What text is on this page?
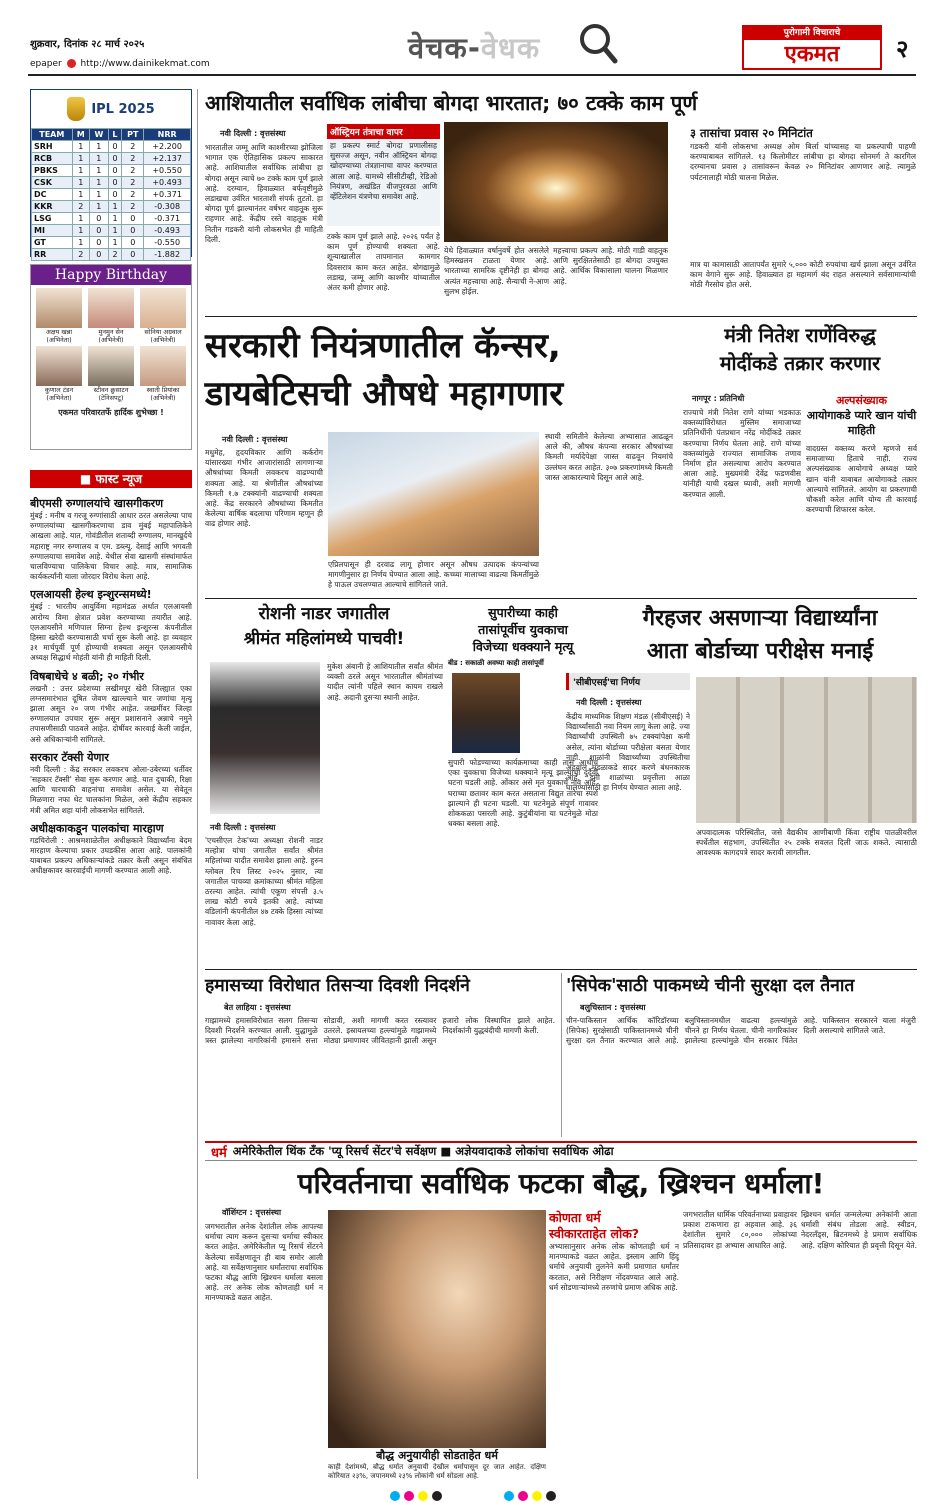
शुक्रवार, दिनांक २८ मार्च २०२५
epaper http://www.dainikekmat.com	वेचक-वेधक	पुरोगामी विचाराचे
एकमत	२
IPL 2025
TEAM	M	W	L	PT	NRR
SRH	1	1	0	2	+2.200
RCB	1	1	0	2	+2.137
PBKS	1	1	0	2	+0.550
CSK	1	1	0	2	+0.493
DC	1	1	0	2	+0.371
KKR	2	1	1	2	-0.308
LSG	1	0	1	0	-0.371
MI	1	0	1	0	-0.493
GT	1	0	1	0	-0.550
RR	2	0	2	0	-1.882
Happy Birthday
अक्षय खन्ना
(अभिनेता)
मुनमुन सेन
(अभिनेत्री)
सोनिया अग्रवाल
(अभिनेत्री)
कुणाल टंडन
(अभिनेता)
स्टीवन क्रुसाटन
(टेनिसपटू)
स्वाती प्रियांका
(अभिनेत्री)
एकमत परिवारतर्फे हार्दिक शुभेच्छा !
■ फास्ट न्यूज
बीएमसी रुग्णालयांचे खासगीकरण
मुंबई : मनीष व गरजू रुग्णांसाठी आधार ठरत असलेल्या पाच रुग्णालयांच्या खासगीकरणाचा डाव मुंबई महापालिकेने आखला आहे. यात, गोवंडीतील शताब्दी रुग्णालय, मानखुर्दचे महाराष्ट्र नगर रुग्णालय व एम. डब्ल्यू. देसाई आणि भगवती रुग्णालयाचा समावेश आहे. येथील सेवा खासगी संस्थांमार्फत चालविण्याचा पालिकेचा विचार आहे. मात्र, सामाजिक कार्यकर्त्यांनी याला जोरदार विरोध केला आहे.
एलआयसी हेल्थ इन्शुरन्समध्ये!
मुंबई : भारतीय आयुर्विमा महामंडळ अर्थात एलआयसी आरोग्य विमा क्षेत्रात प्रवेश करण्याच्या तयारीत आहे. एलआयसीने मणिपाल सिग्ना हेल्थ इन्शुरन्स कंपनीतील हिस्सा खरेदी करण्यासाठी चर्चा सुरू केली आहे. हा व्यवहार ३१ मार्चपूर्वी पूर्ण होण्याची शक्यता असून एलआयसीचे अध्यक्ष सिद्धार्थ मोहंती यांनी ही माहिती दिली.
विषबाधेचे ४ बळी; २० गंभीर
लखनौ : उत्तर प्रदेशच्या लखीमपूर खेरी जिल्ह्यात एका लग्नसमारंभात दूषित जेवण खाल्ल्याने चार जणांचा मृत्यू झाला असून २० जण गंभीर आहेत. जखमींवर जिल्हा रुग्णालयात उपचार सुरू असून प्रशासनाने अन्नाचे नमुने तपासणीसाठी पाठवले आहेत. दोषींवर कारवाई केली जाईल, असे अधिकाऱ्यांनी सांगितले.
सरकार टॅक्सी येणार
नवी दिल्ली : केंद्र सरकार लवकरच ओला-उबेरच्या धर्तीवर 'सहकार टॅक्सी' सेवा सुरू करणार आहे. यात दुचाकी, रिक्षा आणि चारचाकी वाहनांचा समावेश असेल. या सेवेतून मिळणारा नफा थेट चालकांना मिळेल, असे केंद्रीय सहकार मंत्री अमित शहा यांनी लोकसभेत सांगितले.
अधीक्षकाकडून पालकांचा मारहाण
गडचिरोली : आश्रमशाळेतील अधीक्षकाने विद्यार्थ्यांना बेदम मारहाण केल्याचा प्रकार उघडकीस आला आहे. पालकांनी याबाबत प्रकल्प अधिकाऱ्यांकडे तक्रार केली असून संबंधित अधीक्षकावर कारवाईची मागणी करण्यात आली आहे.
आशियातील सर्वाधिक लांबीचा बोगदा भारतात; ७० टक्के काम पूर्ण
नवी दिल्ली : वृत्तसंस्था
भारतातील जम्मू आणि काश्मीरच्या झोजिला भागात एक ऐतिहासिक प्रकल्प साकारत आहे. आशियातील सर्वाधिक लांबीचा हा बोगदा असून त्याचे ७० टक्के काम पूर्ण झाले आहे. दरम्यान, हिवाळ्यात बर्फवृष्टीमुळे लडाखचा उर्वरित भारताशी संपर्क तुटतो. हा बोगदा पूर्ण झाल्यानंतर वर्षभर वाहतूक सुरू राहणार आहे. केंद्रीय रस्ते वाहतूक मंत्री नितीन गडकरी यांनी लोकसभेत ही माहिती दिली.
ऑस्ट्रियन तंत्राचा वापर
हा प्रकल्प स्मार्ट बोगदा प्रणालीसह सुसज्ज असून, नवीन ऑस्ट्रियन बोगदा खोदण्याच्या तंत्रज्ञानाचा वापर करण्यात आला आहे. यामध्ये सीसीटीव्ही, रेडिओ नियंत्रण, अखंडित वीजपुरवठा आणि व्हेंटिलेशन यंत्रणेचा समावेश आहे.
टक्के काम पूर्ण झाले आहे. २०२६ पर्यंत हे काम पूर्ण होण्याची शक्यता आहे. शून्याखालील तापमानात कामगार दिवसरात्र काम करत आहेत. बोगद्यामुळे लडाख, जम्मू आणि काश्मीर यांच्यातील अंतर कमी होणार आहे.
येथे हिवाळ्यात वर्षानुवर्षे होत असलेले हिमस्खलन टाळता येणार आहे. भारताच्या सामरिक दृष्टीनेही हा बोगदा अत्यंत महत्त्वाचा आहे. सैन्याची ने-आण सुलभ होईल.
महत्त्वाचा प्रकल्प आहे. मोठी गाडी वाहतूक आणि सुरक्षिततेसाठी हा बोगदा उपयुक्त आहे. आर्थिक विकासाला चालना मिळणार आहे.
३ तासांचा प्रवास २० मिनिटांत
गडकरी यांनी लोकसभा अध्यक्ष ओम बिर्ला यांच्यासह या प्रकल्पाची पाहणी करण्याबाबत सांगितले. १३ किलोमीटर लांबीचा हा बोगदा सोनमर्ग ते कारगिल दरम्यानचा प्रवास ३ तासांवरून केवळ २० मिनिटांवर आणणार आहे. त्यामुळे पर्यटनालाही मोठी चालना मिळेल.
मात्र या कामासाठी आतापर्यंत सुमारे ५,००० कोटी रुपयांचा खर्च झाला असून उर्वरित काम वेगाने सुरू आहे. हिवाळ्यात हा महामार्ग बंद राहत असल्याने सर्वसामान्यांची मोठी गैरसोय होत असे.
सरकारी नियंत्रणातील कॅन्सर,
डायबेटिसची औषधे महागणार
नवी दिल्ली : वृत्तसंस्था
मधुमेह, हृदयविकार आणि कर्करोग यांसारख्या गंभीर आजारांसाठी लागणाऱ्या औषधांच्या किमती लवकरच वाढण्याची शक्यता आहे. या श्रेणीतील औषधांच्या किमती १.७ टक्क्यांनी वाढण्याची शक्यता आहे. केंद्र सरकारने औषधांच्या किमतीत केलेल्या वार्षिक बदलाचा परिणाम म्हणून ही वाढ होणार आहे.
एप्रिलपासून ही दरवाढ लागू होणार असून औषध उत्पादक कंपन्यांच्या मागणीनुसार हा निर्णय घेण्यात आला आहे. कच्च्या मालाच्या वाढत्या किमतींमुळे हे पाऊल उचलण्यात आल्याचे सांगितले जाते.
स्थायी समितीने केलेल्या अभ्यासात आढळून आले की, औषध कंपन्या सरकार औषधांच्या किमती मर्यादेपेक्षा जास्त वाढवून नियमांचे उल्लंघन करत आहेत. ३०७ प्रकरणांमध्ये किमती जास्त आकारल्याचे दिसून आले आहे.
मंत्री नितेश राणेंविरुद्ध
मोदींकडे तक्रार करणार
नागपूर : प्रतिनिधी
राज्याचे मंत्री नितेश राणे यांच्या भडकाऊ वक्तव्यांविरोधात मुस्लिम समाजाच्या प्रतिनिधींनी पंतप्रधान नरेंद्र मोदींकडे तक्रार करण्याचा निर्णय घेतला आहे. राणे यांच्या वक्तव्यांमुळे राज्यात सामाजिक तणाव निर्माण होत असल्याचा आरोप करण्यात आला आहे. मुख्यमंत्री देवेंद्र फडणवीस यांनीही याची दखल घ्यावी, अशी मागणी करण्यात आली.
अल्पसंख्याक
आयोगाकडे प्यारे खान यांची माहिती
वादग्रस्त वक्तव्य करणे म्हणजे सर्व समाजाच्या हिताचे नाही. राज्य अल्पसंख्याक आयोगाचे अध्यक्ष प्यारे खान यांनी याबाबत आयोगाकडे तक्रार आल्याचे सांगितले. आयोग या प्रकरणाची चौकशी करेल आणि योग्य ती कारवाई करण्याची शिफारस करेल.
रोशनी नाडर जगातील
श्रीमंत महिलांमध्ये पाचवी!
नवी दिल्ली : वृत्तसंस्था
'एचसीएल टेक'च्या अध्यक्षा रोशनी नाडर मल्होत्रा यांचा जगातील सर्वांत श्रीमंत महिलांच्या यादीत समावेश झाला आहे. हुरुन ग्लोबल रिच लिस्ट २०२५ नुसार, त्या जगातील पाचव्या क्रमांकाच्या श्रीमंत महिला ठरल्या आहेत. त्यांची एकूण संपत्ती ३.५ लाख कोटी रुपये इतकी आहे. त्यांच्या वडिलांनी कंपनीतील ४७ टक्के हिस्सा त्यांच्या नावावर केला आहे.
मुकेश अंबानी हे आशियातील सर्वांत श्रीमंत व्यक्ती ठरले असून भारतातील श्रीमंतांच्या यादीत त्यांनी पहिले स्थान कायम राखले आहे. अदानी दुसऱ्या स्थानी आहेत.
सुपारीच्या काही
तासांपूर्वीच युवकाचा
विजेच्या धक्क्याने मृत्यू
बीड : सकाळी अवघ्या काही तासांपूर्वी
सुपारी फोडण्याच्या कार्यक्रमाच्या काही तास आधीच एका युवकाचा विजेच्या धक्क्याने मृत्यू झाल्याची दुर्दैवी घटना घडली आहे. ओंकार असे मृत युवकाचे नाव आहे. घराच्या छतावर काम करत असताना विद्युत तारेचा स्पर्श झाल्याने ही घटना घडली. या घटनेमुळे संपूर्ण गावावर शोककळा पसरली आहे. कुटुंबीयांना या घटनेमुळे मोठा धक्का बसला आहे.
गैरहजर असणाऱ्या विद्यार्थ्यांना
आता बोर्डाच्या परीक्षेस मनाई
'सीबीएसई'चा निर्णय
नवी दिल्ली : वृत्तसंस्था
केंद्रीय माध्यमिक शिक्षण मंडळ (सीबीएसई) ने विद्यार्थ्यांसाठी नवा नियम लागू केला आहे. ज्या विद्यार्थ्यांची उपस्थिती ७५ टक्क्यांपेक्षा कमी असेल, त्यांना बोर्डाच्या परीक्षेला बसता येणार नाही. शाळांनी विद्यार्थ्यांच्या उपस्थितीचा अहवाल मंडळाकडे सादर करणे बंधनकारक आहे. डमी शाळांच्या प्रवृत्तीला आळा घालण्यासाठी हा निर्णय घेण्यात आला आहे.
अपवादात्मक परिस्थितीत, जसे वैद्यकीय आणीबाणी किंवा राष्ट्रीय पातळीवरील स्पर्धेतील सहभाग, उपस्थितीत २५ टक्के सवलत दिली जाऊ शकते. त्यासाठी आवश्यक कागदपत्रे सादर करावी लागतील.
हमासच्या विरोधात तिसऱ्या दिवशी निदर्शने
बेत लाहिया : वृत्तसंस्था
गाझामध्ये हमासविरोधात सलग तिसऱ्या दिवशी निदर्शने करण्यात आली. युद्धामुळे त्रस्त झालेल्या नागरिकांनी हमासने सत्ता सोडावी, अशी मागणी करत रस्त्यावर उतरले. इस्रायलच्या हल्ल्यांमुळे गाझामध्ये मोठ्या प्रमाणावर जीवितहानी झाली असून हजारो लोक विस्थापित झाले आहेत. निदर्शकांनी युद्धबंदीची मागणी केली.
'सिपेक'साठी पाकमध्ये चीनी सुरक्षा दल तैनात
बलुचिस्तान : वृत्तसंस्था
चीन-पाकिस्तान आर्थिक कॉरिडॉरच्या (सिपेक) सुरक्षेसाठी पाकिस्तानमध्ये चीनी सुरक्षा दल तैनात करण्यात आले आहे. बलुचिस्तानमधील वाढत्या हल्ल्यांमुळे चीनने हा निर्णय घेतला. चीनी नागरिकांवर झालेल्या हल्ल्यांमुळे चीन सरकार चिंतेत आहे. पाकिस्तान सरकारने याला मंजुरी दिली असल्याचे सांगितले जाते.
धर्म अमेरिकेतील थिंक टँक 'प्यू रिसर्च सेंटर'चे सर्वेक्षण ■ अज्ञेयवादाकडे लोकांचा सर्वाधिक ओढा
परिवर्तनाचा सर्वाधिक फटका बौद्ध, ख्रिश्चन धर्माला!
वॉशिंग्टन : वृत्तसंस्था
जगभरातील अनेक देशांतील लोक आपल्या धर्माचा त्याग करून दुसऱ्या धर्माचा स्वीकार करत आहेत. अमेरिकेतील प्यू रिसर्च सेंटरने केलेल्या सर्वेक्षणातून ही बाब समोर आली आहे. या सर्वेक्षणानुसार धर्मांतराचा सर्वाधिक फटका बौद्ध आणि ख्रिश्चन धर्माला बसला आहे. तर अनेक लोक कोणताही धर्म न मानण्याकडे वळत आहेत.
बौद्ध अनुयायीही सोडताहेत धर्म
काही देशांमध्ये, बौद्ध धर्मात अनुयायी देखील धर्मापासून दूर जात आहेत. दक्षिण कोरियात २३%, जपानमध्ये २३% लोकांनी धर्म सोडला आहे.
कोणता धर्म
स्वीकारताहेत लोक?
अभ्यासानुसार अनेक लोक कोणताही धर्म न मानण्याकडे वळत आहेत. इस्लाम आणि हिंदू धर्माचे अनुयायी तुलनेने कमी प्रमाणात धर्मांतर करतात, असे निरीक्षण नोंदवण्यात आले आहे. धर्म सोडणाऱ्यांमध्ये तरुणांचे प्रमाण अधिक आहे.
जगभरातील धार्मिक परिवर्तनाच्या प्रवाहावर प्रकाश टाकणारा हा अहवाल आहे. ३६ देशांतील सुमारे ८०,००० लोकांच्या प्रतिसादावर हा अभ्यास आधारित आहे.
ख्रिश्चन धर्मात जन्मलेल्या अनेकांनी आता धर्माशी संबंध तोडला आहे. स्वीडन, नेदरलँड्स, ब्रिटनमध्ये हे प्रमाण सर्वाधिक आहे. दक्षिण कोरियात ही प्रवृत्ती दिसून येते.
